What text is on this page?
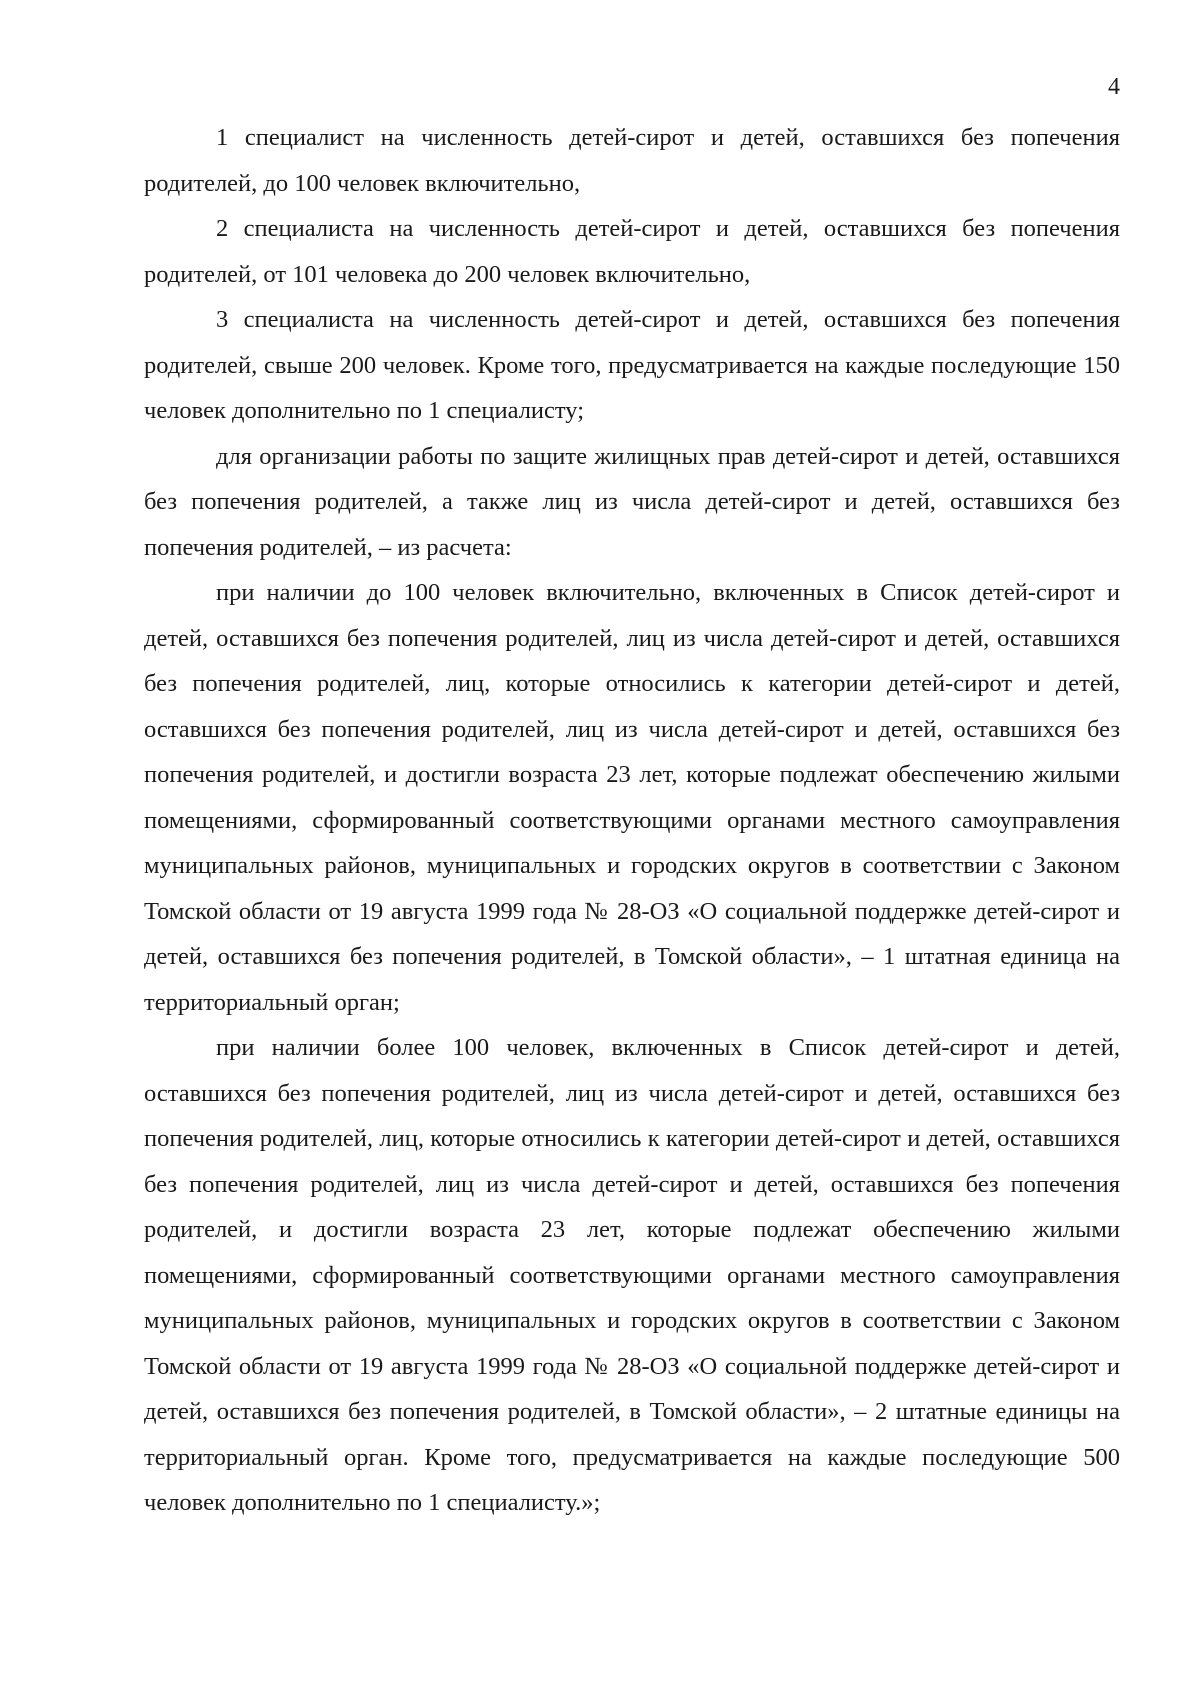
4

1 специалист на численность детей-сирот и детей, оставшихся без попечения родителей, до 100 человек включительно,

2 специалиста на численность детей-сирот и детей, оставшихся без попечения родителей, от 101 человека до 200 человек включительно,

3 специалиста на численность детей-сирот и детей, оставшихся без попечения родителей, свыше 200 человек. Кроме того, предусматривается на каждые последующие 150 человек дополнительно по 1 специалисту;

для организации работы по защите жилищных прав детей-сирот и детей, оставшихся без попечения родителей, а также лиц из числа детей-сирот и детей, оставшихся без попечения родителей, – из расчета:

при наличии до 100 человек включительно, включенных в Список детей-сирот и детей, оставшихся без попечения родителей, лиц из числа детей-сирот и детей, оставшихся без попечения родителей, лиц, которые относились к категории детей-сирот и детей, оставшихся без попечения родителей, лиц из числа детей-сирот и детей, оставшихся без попечения родителей, и достигли возраста 23 лет, которые подлежат обеспечению жилыми помещениями, сформированный соответствующими органами местного самоуправления муниципальных районов, муниципальных и городских округов в соответствии с Законом Томской области от 19 августа 1999 года № 28-ОЗ «О социальной поддержке детей-сирот и детей, оставшихся без попечения родителей, в Томской области», – 1 штатная единица на территориальный орган;

при наличии более 100 человек, включенных в Список детей-сирот и детей, оставшихся без попечения родителей, лиц из числа детей-сирот и детей, оставшихся без попечения родителей, лиц, которые относились к категории детей-сирот и детей, оставшихся без попечения родителей, лиц из числа детей-сирот и детей, оставшихся без попечения родителей, и достигли возраста 23 лет, которые подлежат обеспечению жилыми помещениями, сформированный соответствующими органами местного самоуправления муниципальных районов, муниципальных и городских округов в соответствии с Законом Томской области от 19 августа 1999 года № 28-ОЗ «О социальной поддержке детей-сирот и детей, оставшихся без попечения родителей, в Томской области», – 2 штатные единицы на территориальный орган. Кроме того, предусматривается на каждые последующие 500 человек дополнительно по 1 специалисту.»;
